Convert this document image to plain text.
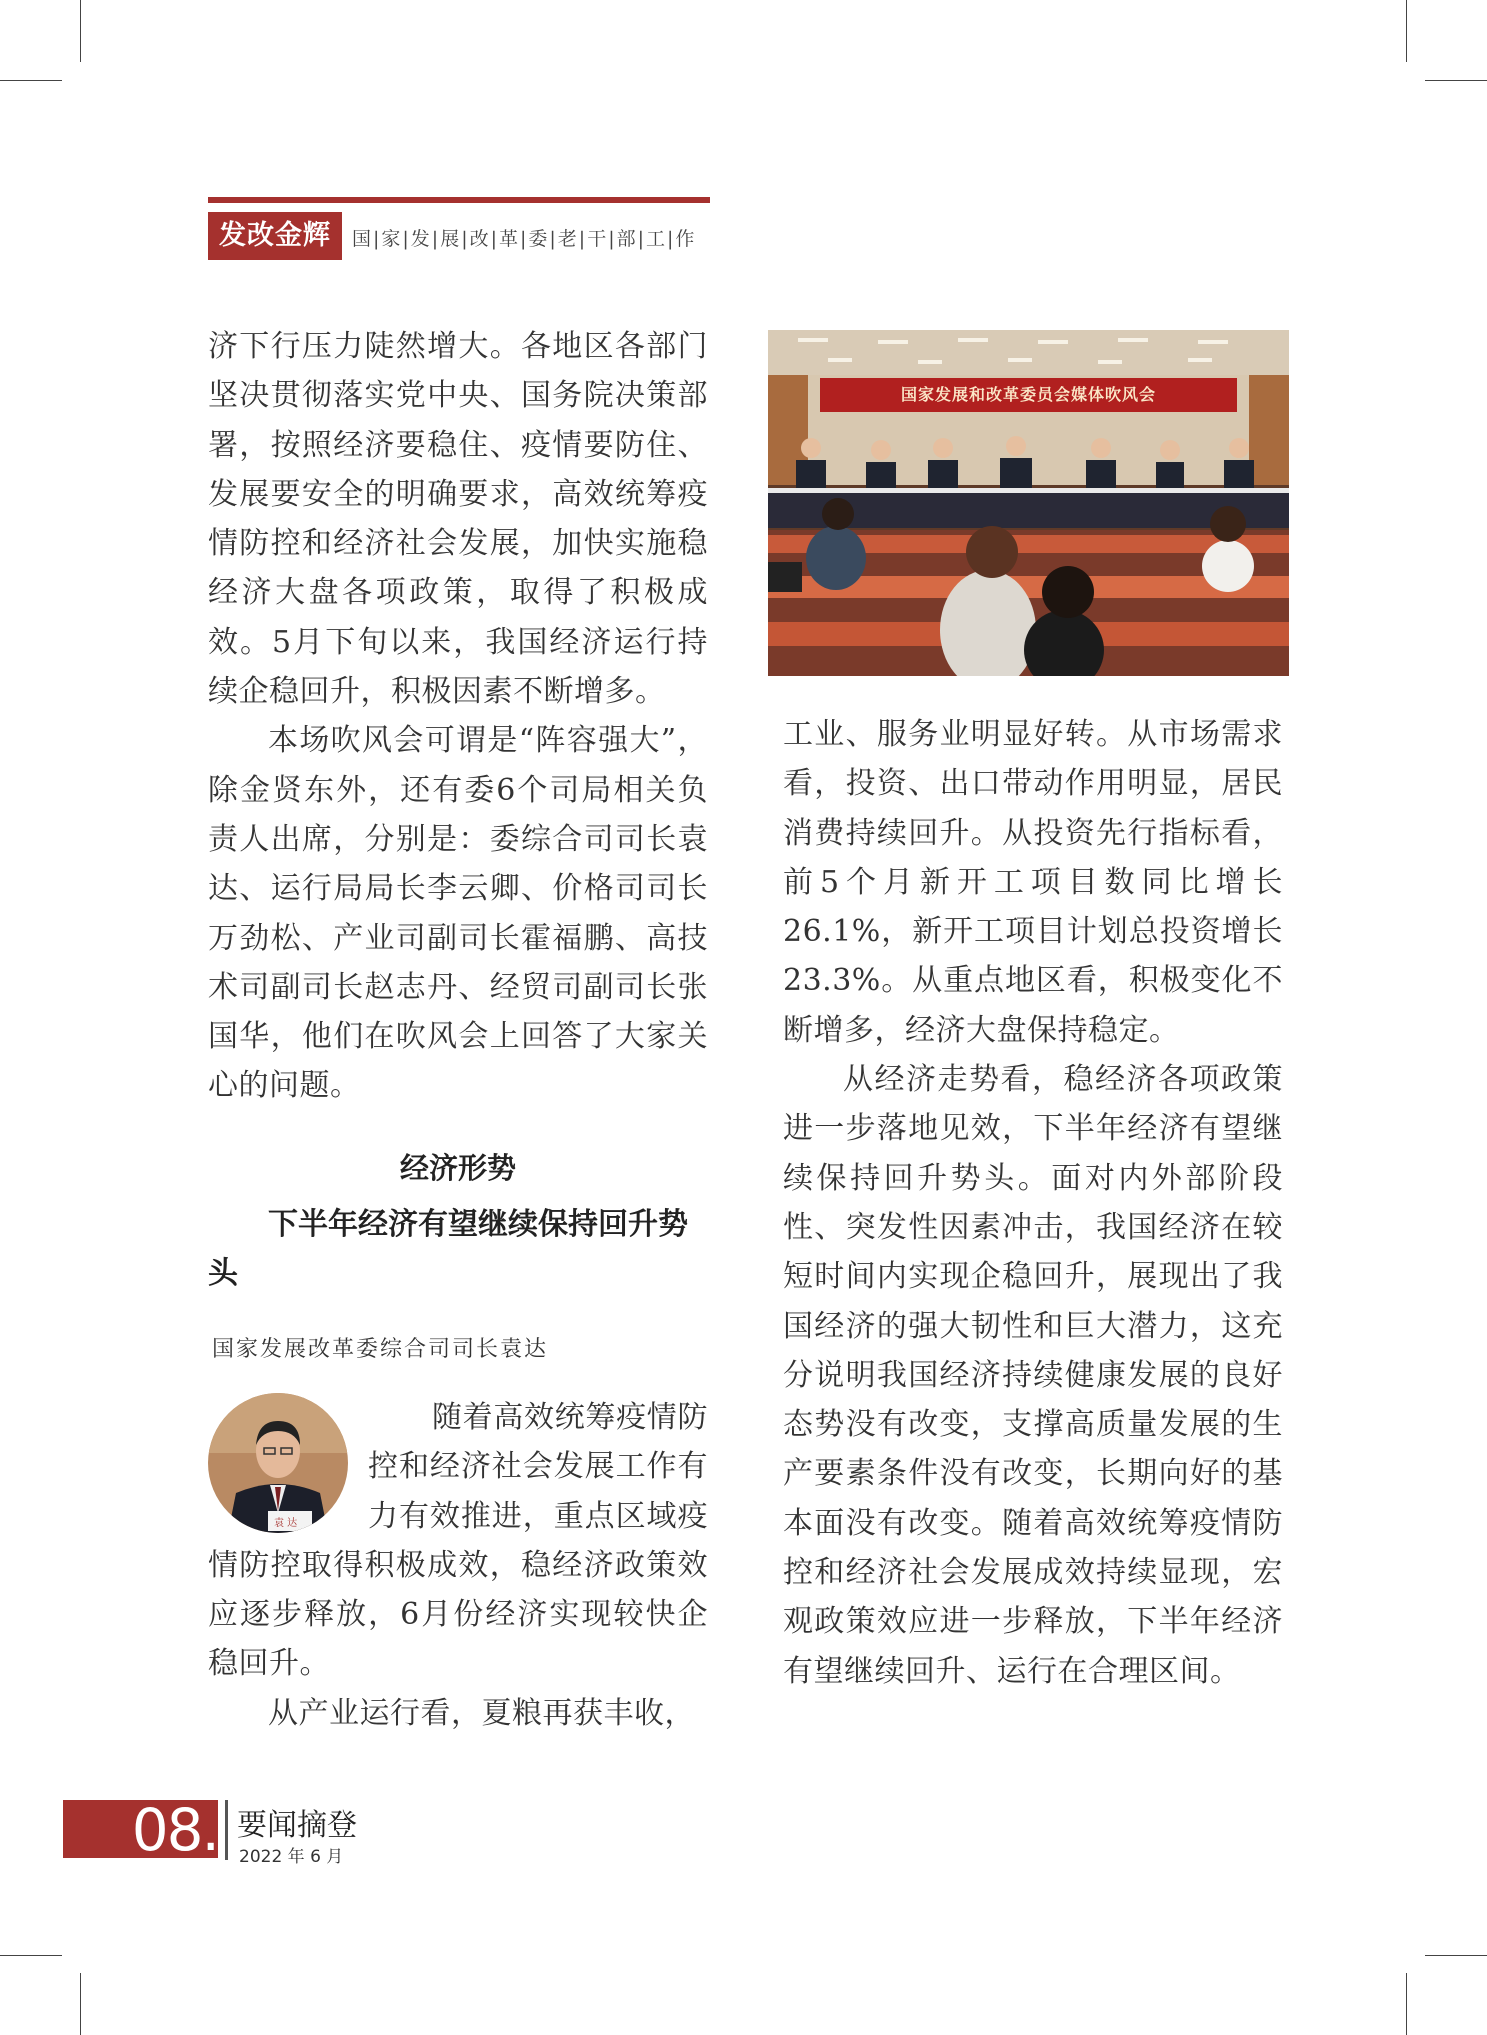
发改金辉	国|家|发|展|改|革|委|老|干|部|工|作

济下行压力陡然增大。各地区各部门坚决贯彻落实党中央、国务院决策部署，按照经济要稳住、疫情要防住、发展要安全的明确要求，高效统筹疫情防控和经济社会发展，加快实施稳经济大盘各项政策，取得了积极成效。5月下旬以来，我国经济运行持续企稳回升，积极因素不断增多。

本场吹风会可谓是“阵容强大”，除金贤东外，还有委6个司局相关负责人出席，分别是：委综合司司长袁达、运行局局长李云卿、价格司司长万劲松、产业司副司长霍福鹏、高技术司副司长赵志丹、经贸司副司长张国华，他们在吹风会上回答了大家关心的问题。

经济形势
下半年经济有望继续保持回升势头
国家发展改革委综合司司长袁达
袁 达

随着高效统筹疫情防控和经济社会发展工作有力有效推进，重点区域疫情防控取得积极成效，稳经济政策效应逐步释放，6月份经济实现较快企稳回升。

从产业运行看，夏粮再获丰收，

国家发展和改革委员会媒体吹风会

工业、服务业明显好转。从市场需求看，投资、出口带动作用明显，居民消费持续回升。从投资先行指标看，前5个月新开工项目数同比增长26.1%，新开工项目计划总投资增长23.3%。从重点地区看，积极变化不断增多，经济大盘保持稳定。

从经济走势看，稳经济各项政策进一步落地见效，下半年经济有望继续保持回升势头。面对内外部阶段性、突发性因素冲击，我国经济在较短时间内实现企稳回升，展现出了我国经济的强大韧性和巨大潜力，这充分说明我国经济持续健康发展的良好态势没有改变，支撑高质量发展的生产要素条件没有改变，长期向好的基本面没有改变。随着高效统筹疫情防控和经济社会发展成效持续显现，宏观政策效应进一步释放，下半年经济有望继续回升、运行在合理区间。

08. 要闻摘登
2022 年 6 月
